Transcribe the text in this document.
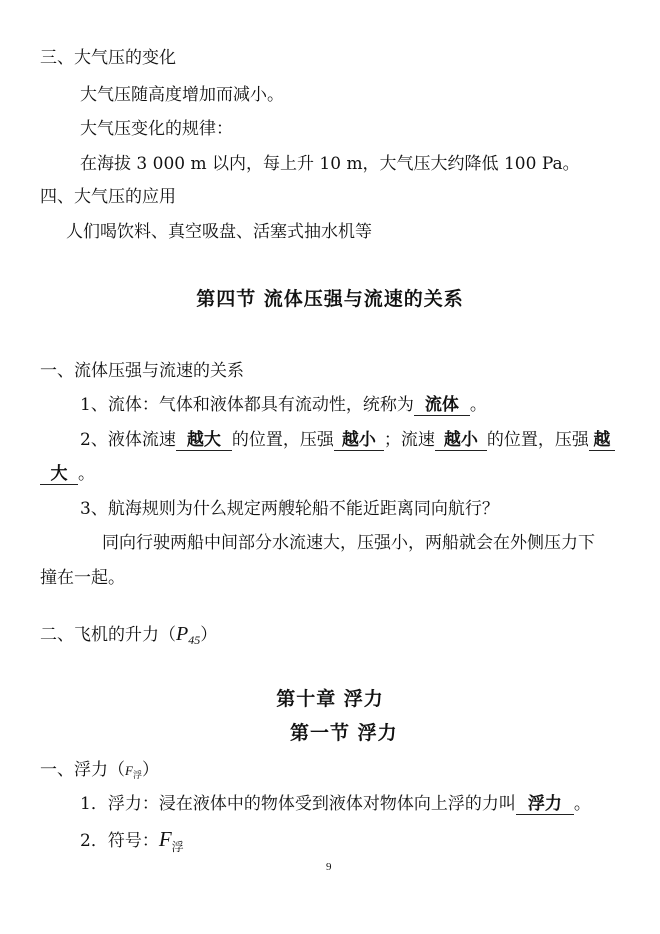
三、大气压的变化
大气压随高度增加而减小。
大气压变化的规律：
在海拔 3 000 m 以内，每上升 10 m，大气压大约降低 100 Pa。
四、大气压的应用
人们喝饮料、真空吸盘、活塞式抽水机等
第四节 流体压强与流速的关系
一、流体压强与流速的关系
1、流体：气体和液体都具有流动性，统称为 流体 。
2、液体流速 越大 的位置，压强 越小 ；流速 越小 的位置，压强 越
大 。
3、航海规则为什么规定两艘轮船不能近距离同向航行？
同向行驶两船中间部分水流速大，压强小，两船就会在外侧压力下
撞在一起。
二、飞机的升力$(P_{45})$
第十章 浮力
第一节 浮力
一、浮力（F浮）
1．浮力：浸在液体中的物体受到液体对物体向上浮的力叫 浮力 。
2．符号：$F_浮$
9
